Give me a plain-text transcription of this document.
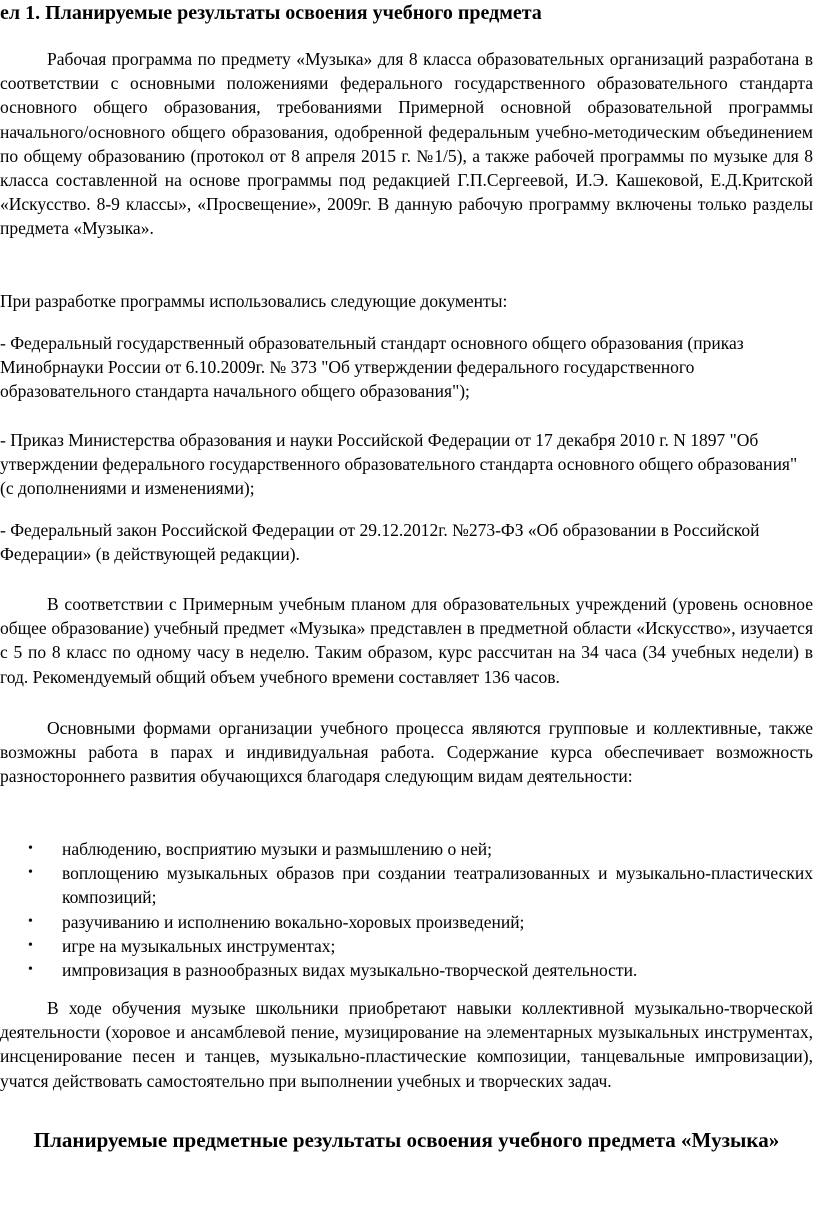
ел 1. Планируемые результаты освоения учебного предмета

Рабочая программа по предмету «Музыка» для 8 класса образовательных организаций разработана в соответствии с основными положениями федерального государственного образовательного стандарта основного общего образования, требованиями Примерной основной образовательной программы начального/основного общего образования, одобренной федеральным учебно-методическим объединением по общему образованию (протокол от 8 апреля 2015 г. №1/5), а также рабочей программы по музыке для 8 класса составленной на основе программы под редакцией Г.П.Сергеевой, И.Э. Кашековой, Е.Д.Критской «Искусство. 8-9 классы», «Просвещение», 2009г. В данную рабочую программу включены только разделы предмета «Музыка».

При разработке программы использовались следующие документы:

- Федеральный государственный образовательный стандарт основного общего образования (приказ Минобрнауки России от 6.10.2009г. № 373 "Об утверждении федерального государственного образовательного стандарта начального общего образования");

- Приказ Министерства образования и науки Российской Федерации от 17 декабря 2010 г. N 1897 "Об утверждении федерального государственного образовательного стандарта основного общего образования" (с дополнениями и изменениями);

- Федеральный закон Российской Федерации от 29.12.2012г. №273-ФЗ «Об образовании в Российской Федерации» (в действующей редакции).

В соответствии с Примерным учебным планом для образовательных учреждений (уровень основное общее образование) учебный предмет «Музыка» представлен в предметной области «Искусство», изучается с 5 по 8 класс по одному часу в неделю. Таким образом, курс рассчитан на 34 часа (34 учебных недели) в год. Рекомендуемый общий объем учебного времени составляет 136 часов.

Основными формами организации учебного процесса являются групповые и коллективные, также возможны работа в парах и индивидуальная работа. Содержание курса обеспечивает возможность разностороннего развития обучающихся благодаря следующим видам деятельности:

• наблюдению, восприятию музыки и размышлению о ней;
• воплощению музыкальных образов при создании театрализованных и музыкально-пластических композиций;
• разучиванию и исполнению вокально-хоровых произведений;
• игре на музыкальных инструментах;
• импровизация в разнообразных видах музыкально-творческой деятельности.

В ходе обучения музыке школьники приобретают навыки коллективной музыкально-творческой деятельности (хоровое и ансамблевой пение, музицирование на элементарных музыкальных инструментах, инсценирование песен и танцев, музыкально-пластические композиции, танцевальные импровизации), учатся действовать самостоятельно при выполнении учебных и творческих задач.

Планируемые предметные результаты освоения учебного предмета «Музыка»
